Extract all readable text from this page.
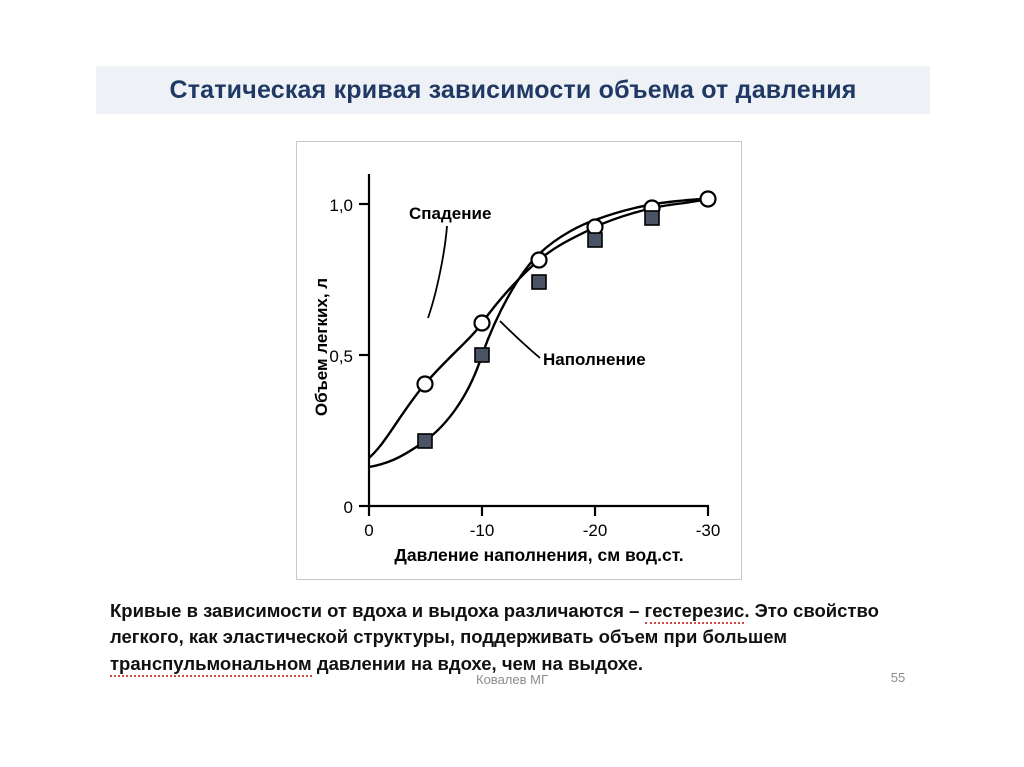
Статическая кривая зависимости объема от давления
0
0,5
1,0
0	-10	-20	-30
Объем легких, л
Давление наполнения, см вод.ст.
Спадение
Наполнение
Кривые в зависимости от вдоха и выдоха различаются – гестерезис. Это свойство легкого, как эластической структуры, поддерживать объем при большем транспульмональном давлении на вдохе, чем на выдохе.
Ковалев МГ	55
